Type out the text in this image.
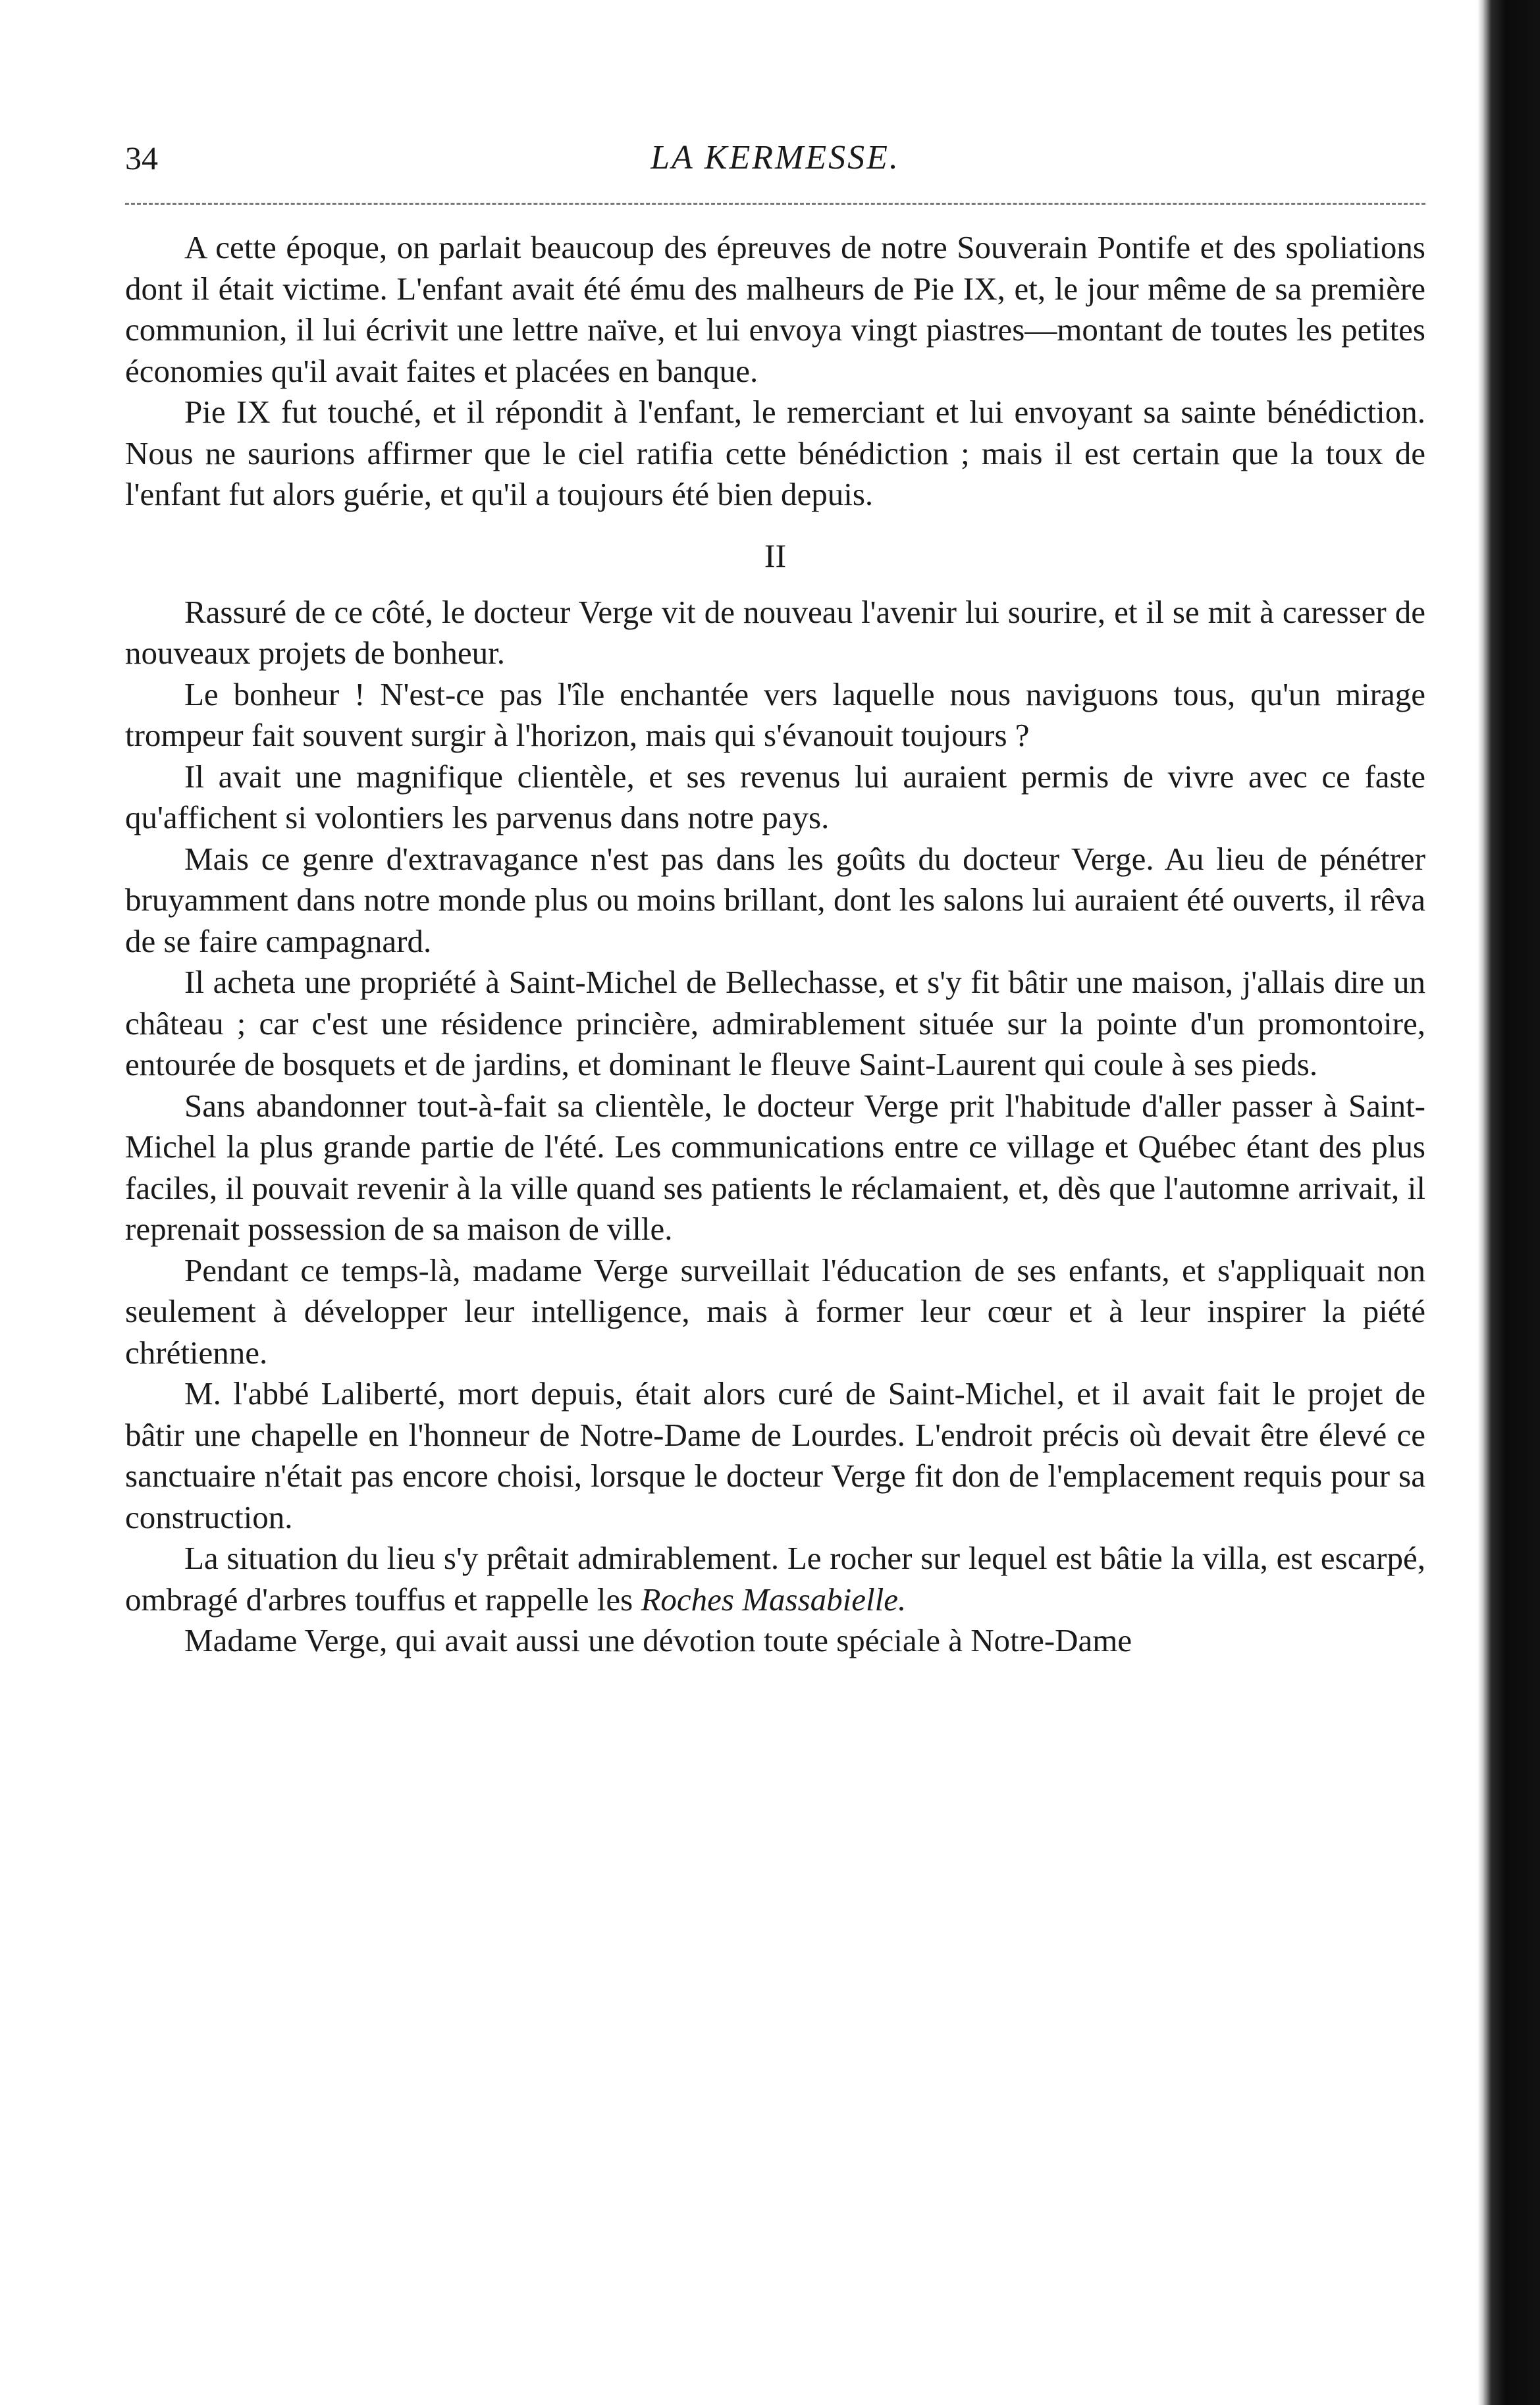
34	LA KERMESSE.

A cette époque, on parlait beaucoup des épreuves de notre Souverain Pontife et des spoliations dont il était victime. L'enfant avait été ému des malheurs de Pie IX, et, le jour même de sa première communion, il lui écrivit une lettre naïve, et lui envoya vingt piastres—montant de toutes les petites économies qu'il avait faites et placées en banque.

Pie IX fut touché, et il répondit à l'enfant, le remerciant et lui envoyant sa sainte bénédiction. Nous ne saurions affirmer que le ciel ratifia cette bénédiction ; mais il est certain que la toux de l'enfant fut alors guérie, et qu'il a toujours été bien depuis.

II

Rassuré de ce côté, le docteur Verge vit de nouveau l'avenir lui sourire, et il se mit à caresser de nouveaux projets de bonheur.

Le bonheur ! N'est-ce pas l'île enchantée vers laquelle nous naviguons tous, qu'un mirage trompeur fait souvent surgir à l'horizon, mais qui s'évanouit toujours ?

Il avait une magnifique clientèle, et ses revenus lui auraient permis de vivre avec ce faste qu'affichent si volontiers les parvenus dans notre pays.

Mais ce genre d'extravagance n'est pas dans les goûts du docteur Verge. Au lieu de pénétrer bruyamment dans notre monde plus ou moins brillant, dont les salons lui auraient été ouverts, il rêva de se faire campagnard.

Il acheta une propriété à Saint-Michel de Bellechasse, et s'y fit bâtir une maison, j'allais dire un château ; car c'est une résidence princière, admirablement située sur la pointe d'un promontoire, entourée de bosquets et de jardins, et dominant le fleuve Saint-Laurent qui coule à ses pieds.

Sans abandonner tout-à-fait sa clientèle, le docteur Verge prit l'habitude d'aller passer à Saint-Michel la plus grande partie de l'été. Les communications entre ce village et Québec étant des plus faciles, il pouvait revenir à la ville quand ses patients le réclamaient, et, dès que l'automne arrivait, il reprenait possession de sa maison de ville.

Pendant ce temps-là, madame Verge surveillait l'éducation de ses enfants, et s'appliquait non seulement à développer leur intelligence, mais à former leur cœur et à leur inspirer la piété chrétienne.

M. l'abbé Laliberté, mort depuis, était alors curé de Saint-Michel, et il avait fait le projet de bâtir une chapelle en l'honneur de Notre-Dame de Lourdes. L'endroit précis où devait être élevé ce sanctuaire n'était pas encore choisi, lorsque le docteur Verge fit don de l'emplacement requis pour sa construction.

La situation du lieu s'y prêtait admirablement. Le rocher sur lequel est bâtie la villa, est escarpé, ombragé d'arbres touffus et rappelle les Roches Massabielle.

Madame Verge, qui avait aussi une dévotion toute spéciale à Notre-Dame
